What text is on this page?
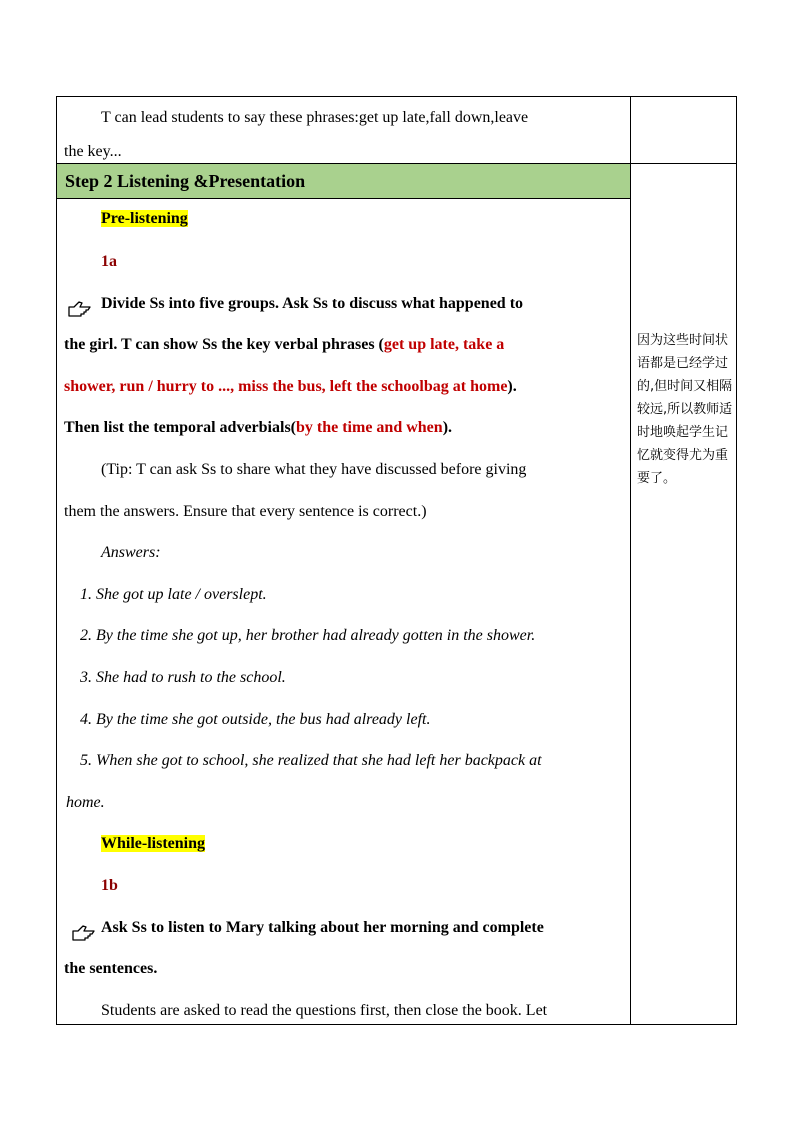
Step 2 Listening &Presentation
T can lead students to say these phrases:get up late,fall down,leave
the key...
Pre-listening
1a
Divide Ss into five groups. Ask Ss to discuss what happened to
the girl. T can show Ss the key verbal phrases (get up late, take a
shower, run / hurry to ..., miss the bus, left the schoolbag at home).
Then list the temporal adverbials(by the time and when).
(Tip: T can ask Ss to share what they have discussed before giving
them the answers. Ensure that every sentence is correct.)
Answers:
1. She got up late / overslept.
2. By the time she got up, her brother had already gotten in the shower.
3. She had to rush to the school.
4. By the time she got outside, the bus had already left.
5. When she got to school, she realized that she had left her backpack at
home.
While-listening
1b
Ask Ss to listen to Mary talking about her morning and complete
the sentences.
Students are asked to read the questions first, then close the book. Let
因为这些时间状语都是已经学过的,但时间又相隔较远,所以教师适时地唤起学生记忆就变得尤为重要了。
